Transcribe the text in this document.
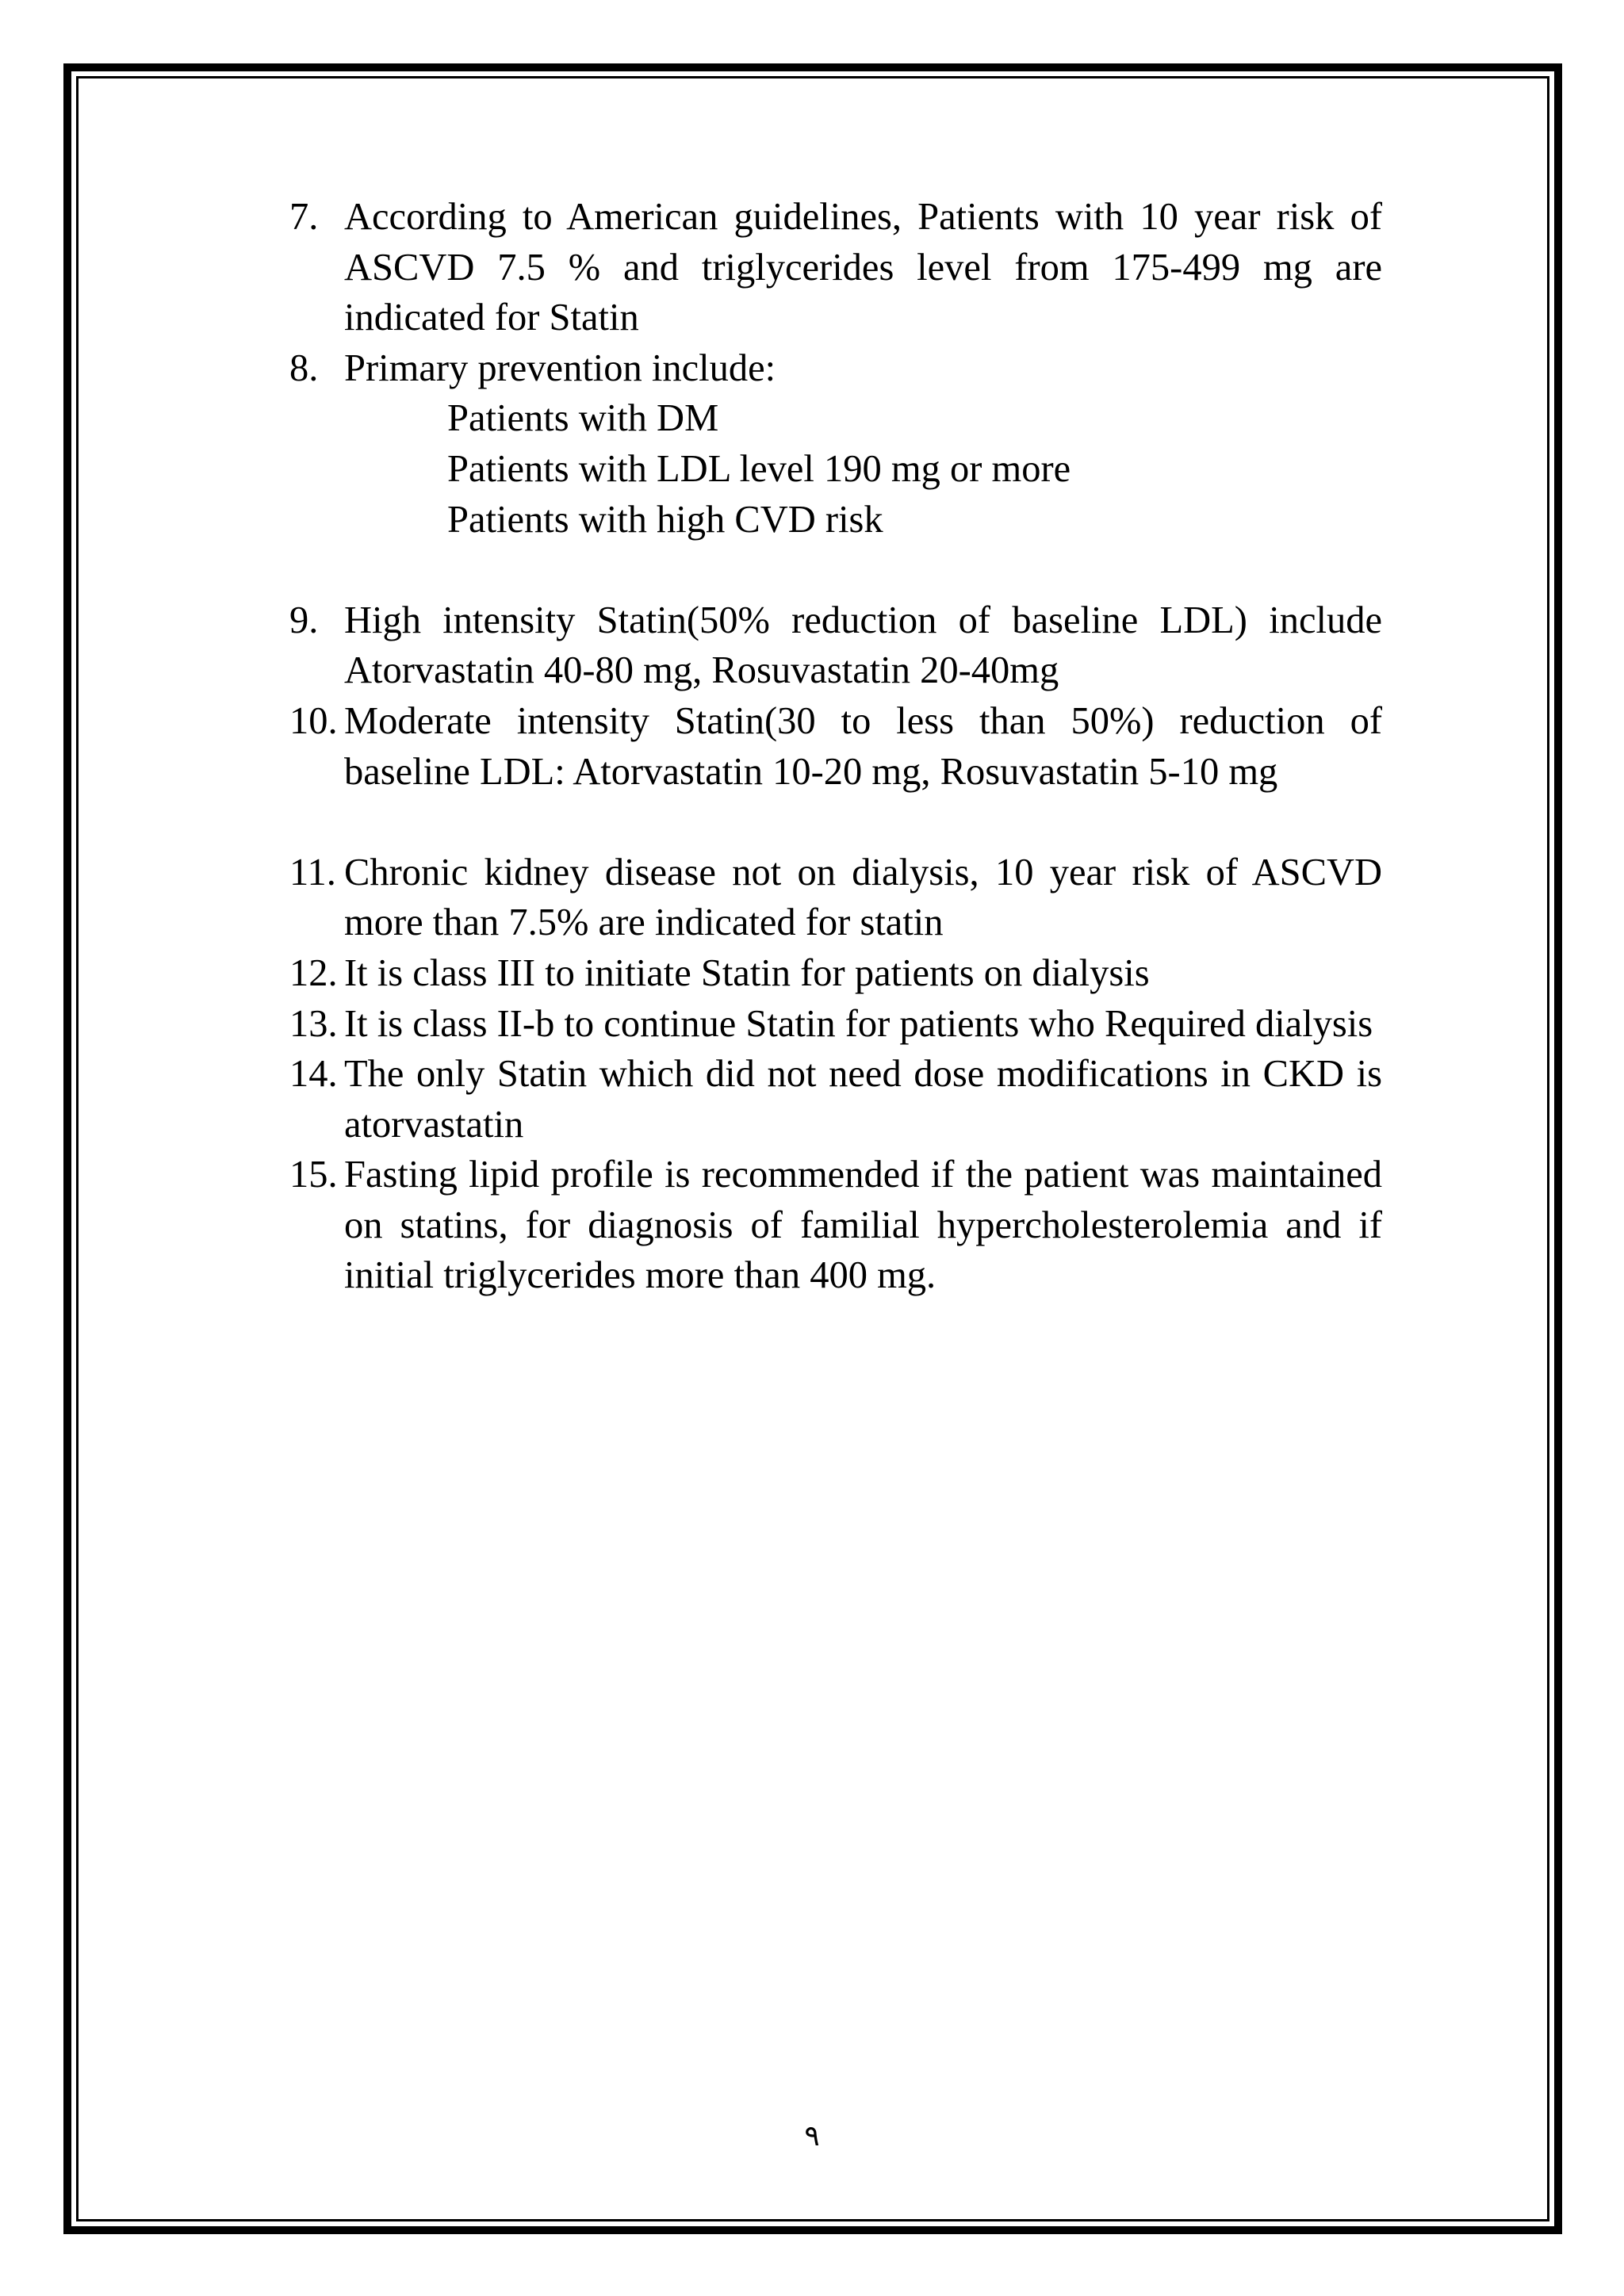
7. According to American guidelines, Patients with 10 year risk of ASCVD 7.5 % and triglycerides level from 175-499 mg are indicated for Statin
8. Primary prevention include:
Patients with DM
Patients with LDL level 190 mg or more
Patients with high CVD risk
9. High intensity Statin(50% reduction of baseline LDL) include Atorvastatin 40-80 mg, Rosuvastatin 20-40mg
10. Moderate intensity Statin(30 to less than 50%) reduction of baseline LDL: Atorvastatin 10-20 mg, Rosuvastatin 5-10 mg
11. Chronic kidney disease not on dialysis, 10 year risk of ASCVD more than 7.5% are indicated for statin
12. It is class III to initiate Statin for patients on dialysis
13. It is class II-b to continue Statin for patients who Required dialysis
14. The only Statin which did not need dose modifications in CKD is atorvastatin
15. Fasting lipid profile is recommended if the patient was maintained on statins, for diagnosis of familial hypercholesterolemia and if initial triglycerides more than 400 mg.
٩
